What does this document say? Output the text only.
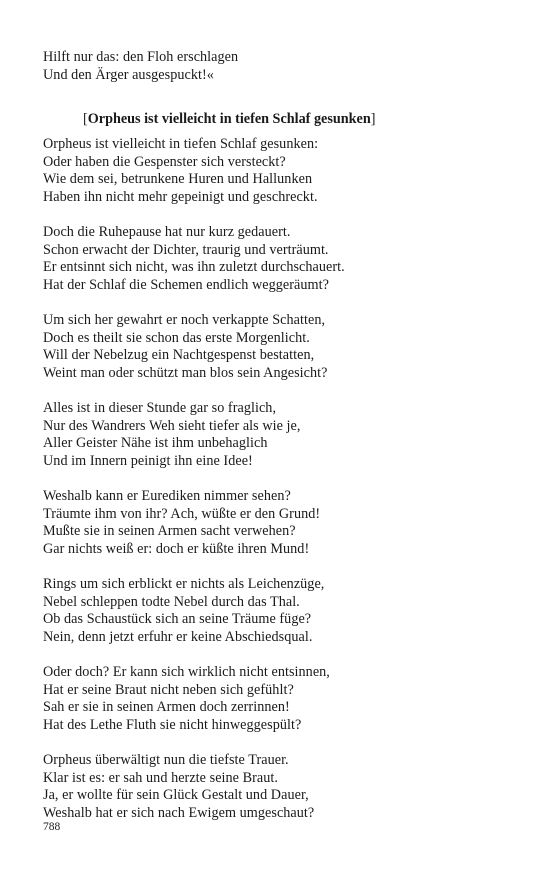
Hilft nur das: den Floh erschlagen
Und den Ärger ausgespuckt!«
[Orpheus ist vielleicht in tiefen Schlaf gesunken]
Orpheus ist vielleicht in tiefen Schlaf gesunken:
Oder haben die Gespenster sich versteckt?
Wie dem sei, betrunkene Huren und Hallunken
Haben ihn nicht mehr gepeinigt und geschreckt.
Doch die Ruhepause hat nur kurz gedauert.
Schon erwacht der Dichter, traurig und verträumt.
Er entsinnt sich nicht, was ihn zuletzt durchschauert.
Hat der Schlaf die Schemen endlich weggeräumt?
Um sich her gewahrt er noch verkappte Schatten,
Doch es theilt sie schon das erste Morgenlicht.
Will der Nebelzug ein Nachtgespenst bestatten,
Weint man oder schützt man blos sein Angesicht?
Alles ist in dieser Stunde gar so fraglich,
Nur des Wandrers Weh sieht tiefer als wie je,
Aller Geister Nähe ist ihm unbehaglich
Und im Innern peinigt ihn eine Idee!
Weshalb kann er Eurediken nimmer sehen?
Träumte ihm von ihr? Ach, wüßte er den Grund!
Mußte sie in seinen Armen sacht verwehen?
Gar nichts weiß er: doch er küßte ihren Mund!
Rings um sich erblickt er nichts als Leichenzüge,
Nebel schleppen todte Nebel durch das Thal.
Ob das Schaustück sich an seine Träume füge?
Nein, denn jetzt erfuhr er keine Abschiedsqual.
Oder doch? Er kann sich wirklich nicht entsinnen,
Hat er seine Braut nicht neben sich gefühlt?
Sah er sie in seinen Armen doch zerrinnen!
Hat des Lethe Fluth sie nicht hinweggespült?
Orpheus überwältigt nun die tiefste Trauer.
Klar ist es: er sah und herzte seine Braut.
Ja, er wollte für sein Glück Gestalt und Dauer,
Weshalb hat er sich nach Ewigem umgeschaut?
788
